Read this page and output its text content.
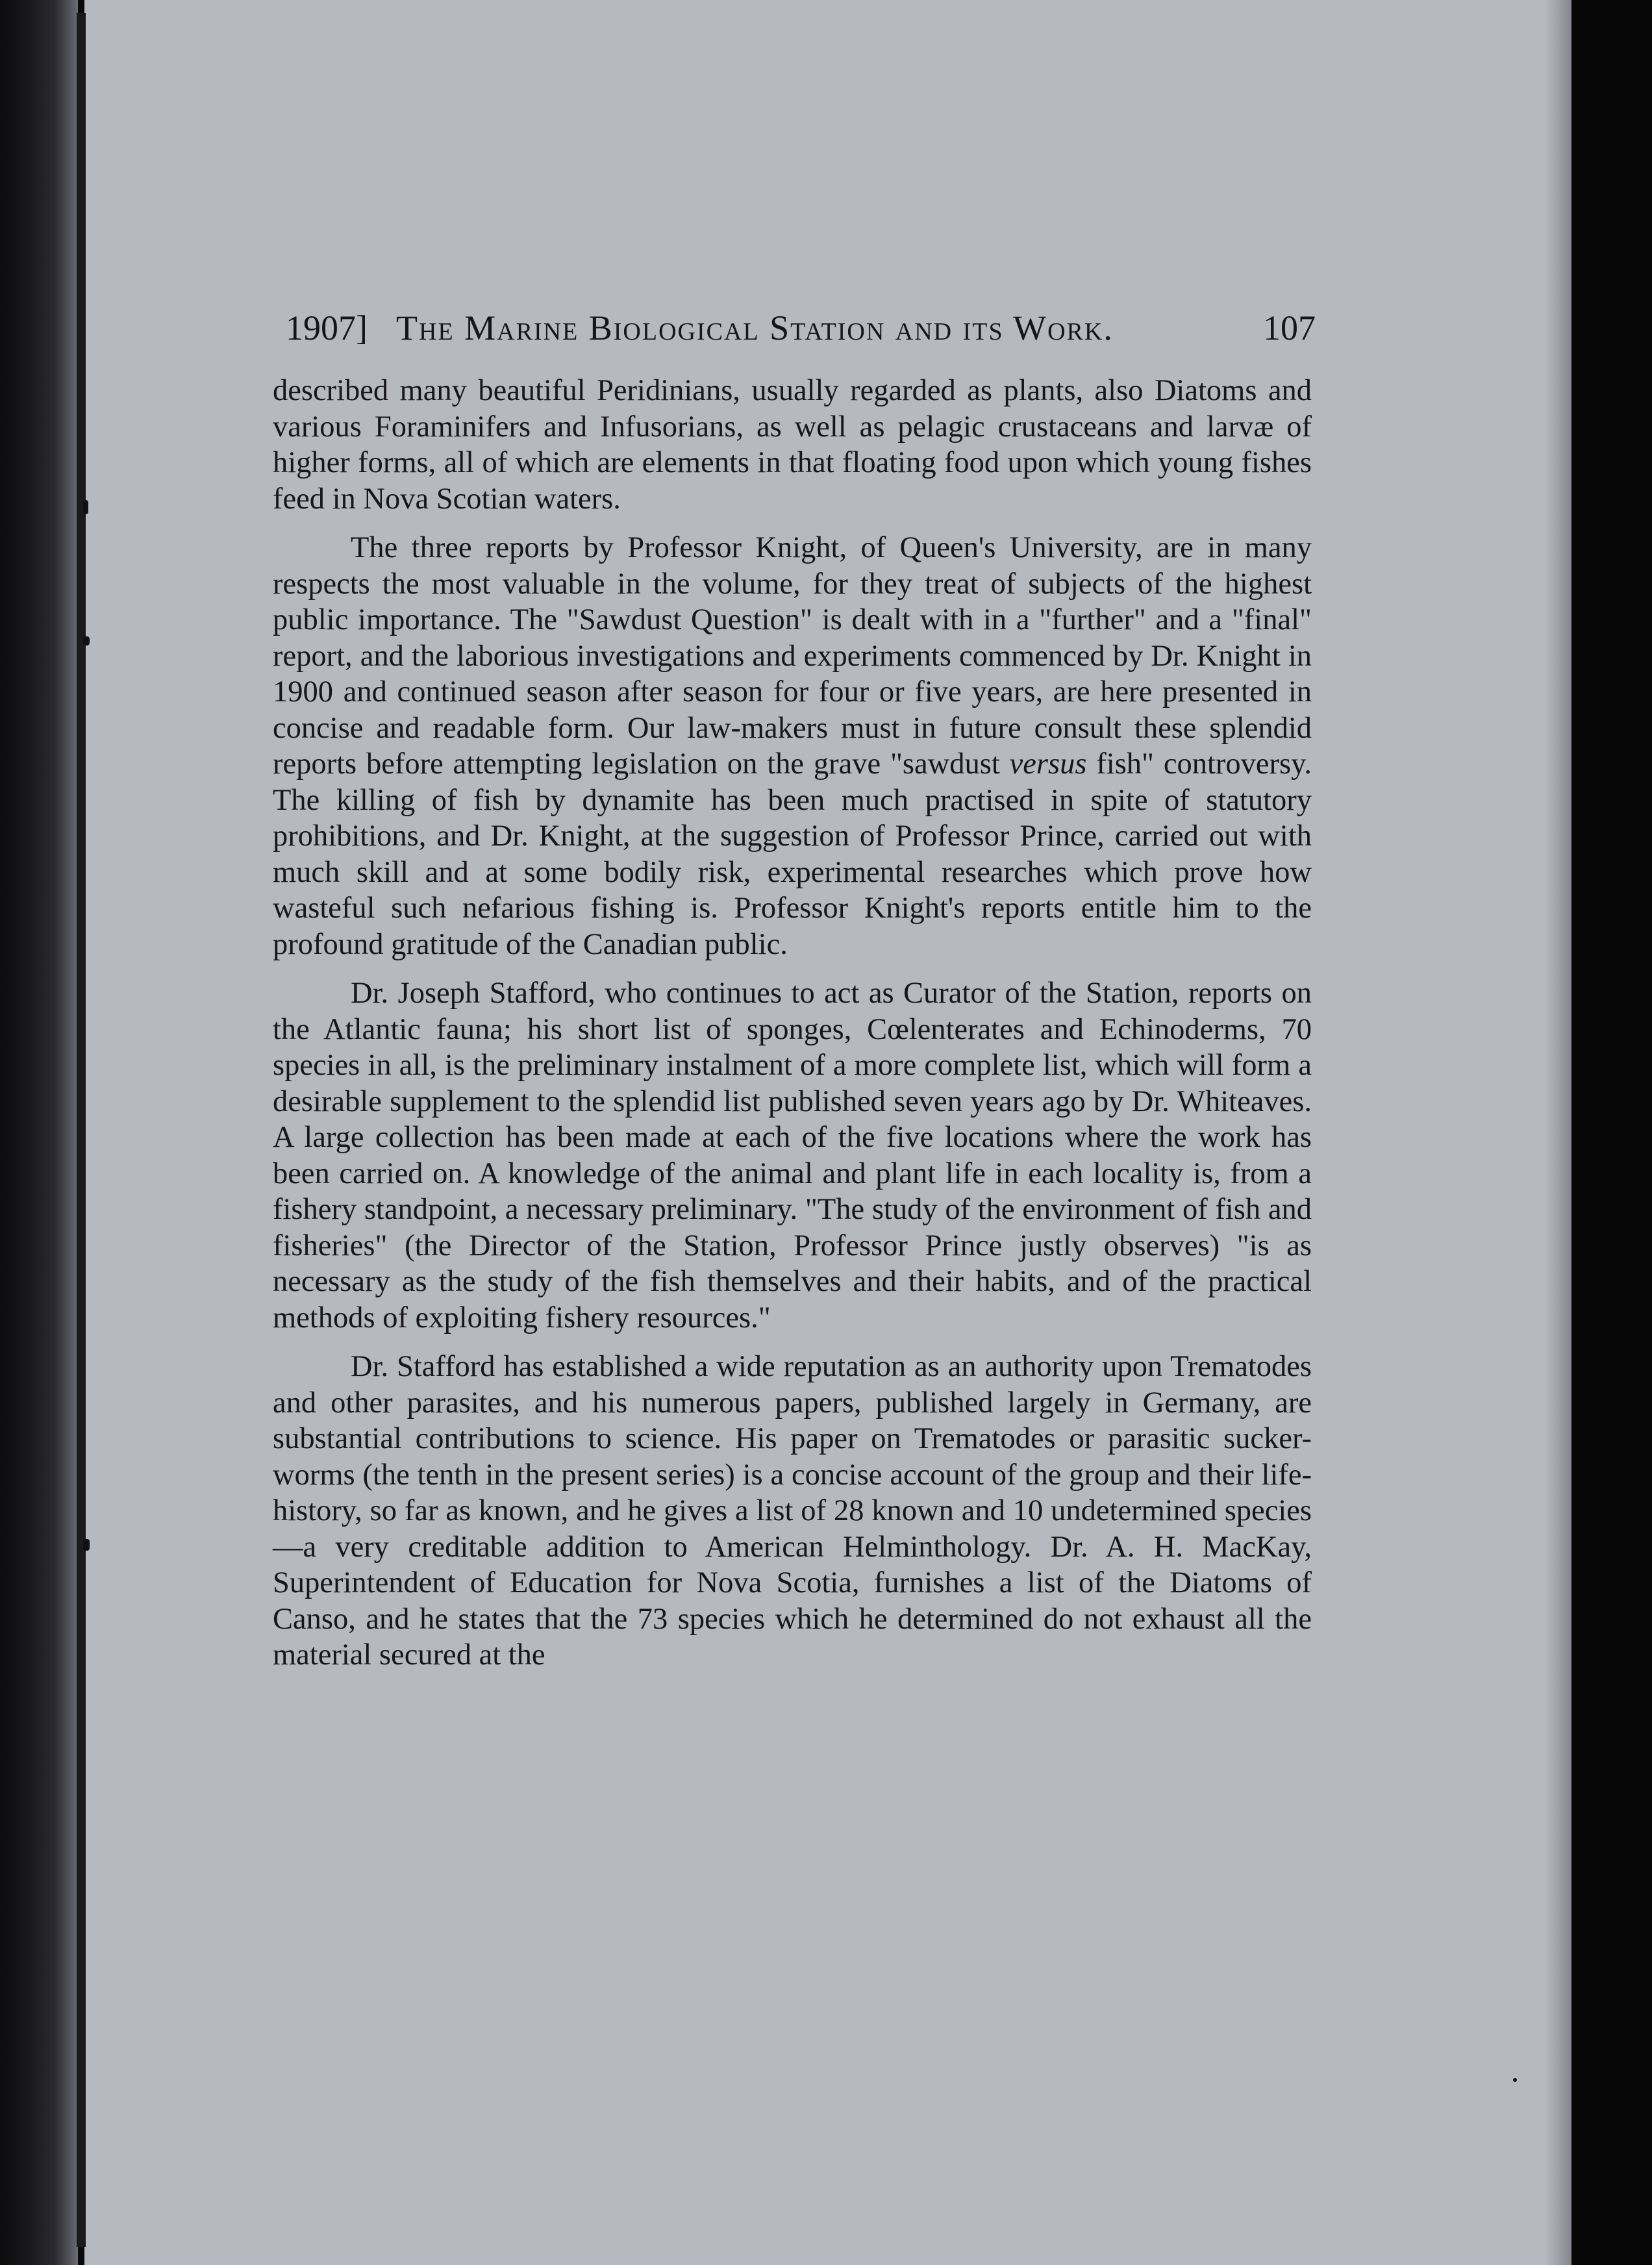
1907] The Marine Biological Station and its Work.	107

described many beautiful Peridinians, usually regarded as plants, also Diatoms and various Foraminifers and Infusorians, as well as pelagic crustaceans and larvæ of higher forms, all of which are elements in that floating food upon which young fishes feed in Nova Scotian waters.

The three reports by Professor Knight, of Queen's University, are in many respects the most valuable in the volume, for they treat of subjects of the highest public importance. The "Sawdust Question" is dealt with in a "further" and a "final" report, and the laborious investigations and experiments commenced by Dr. Knight in 1900 and continued season after season for four or five years, are here presented in concise and readable form. Our law-makers must in future consult these splendid reports before attempting legislation on the grave "sawdust versus fish" controversy. The killing of fish by dynamite has been much practised in spite of statutory prohibitions, and Dr. Knight, at the suggestion of Professor Prince, carried out with much skill and at some bodily risk, experimental researches which prove how wasteful such nefarious fishing is. Professor Knight's reports entitle him to the profound gratitude of the Canadian public.

Dr. Joseph Stafford, who continues to act as Curator of the Station, reports on the Atlantic fauna; his short list of sponges, Cœlenterates and Echinoderms, 70 species in all, is the preliminary instalment of a more complete list, which will form a desirable supplement to the splendid list published seven years ago by Dr. Whiteaves. A large collection has been made at each of the five locations where the work has been carried on. A knowledge of the animal and plant life in each locality is, from a fishery standpoint, a necessary preliminary. "The study of the environment of fish and fisheries" (the Director of the Station, Professor Prince justly observes) "is as necessary as the study of the fish themselves and their habits, and of the practical methods of exploiting fishery resources."

Dr. Stafford has established a wide reputation as an authority upon Trematodes and other parasites, and his numerous papers, published largely in Germany, are substantial contributions to science. His paper on Trematodes or parasitic sucker-worms (the tenth in the present series) is a concise account of the group and their life-history, so far as known, and he gives a list of 28 known and 10 undetermined species—a very creditable addition to American Helminthology. Dr. A. H. MacKay, Superintendent of Education for Nova Scotia, furnishes a list of the Diatoms of Canso, and he states that the 73 species which he determined do not exhaust all the material secured at the
